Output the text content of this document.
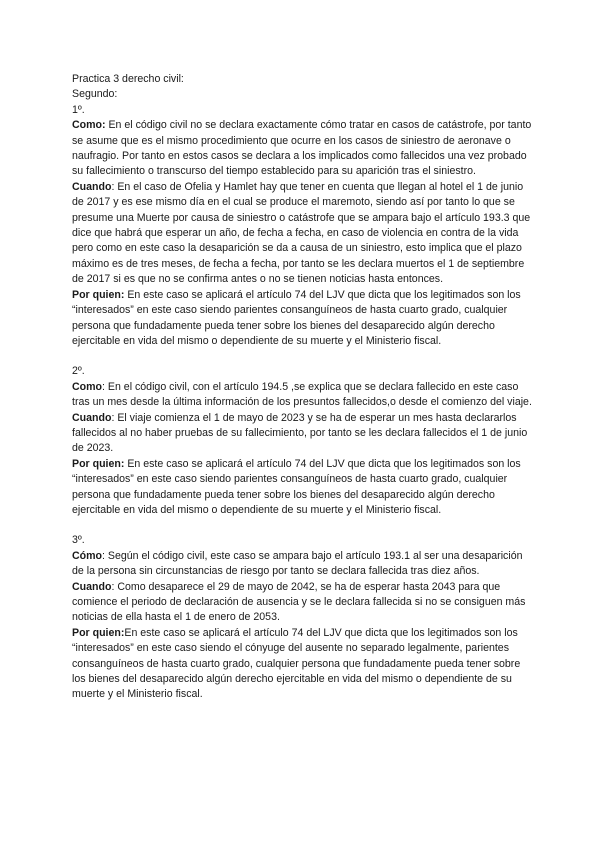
Practica 3 derecho civil:
Segundo:
1º.

Como: En el código civil no se declara exactamente cómo tratar en casos de catástrofe, por tanto se asume que es el mismo procedimiento que ocurre en los casos de siniestro de aeronave o naufragio. Por tanto en estos casos se declara a los implicados como fallecidos una vez probado su fallecimiento o transcurso del tiempo establecido para su aparición tras el siniestro.

Cuando: En el caso de Ofelia y Hamlet hay que tener en cuenta que llegan al hotel el 1 de junio de 2017 y es ese mismo día en el cual se produce el maremoto, siendo así por tanto lo que se presume una Muerte por causa de siniestro o catástrofe que se ampara bajo el artículo 193.3 que dice que habrá que esperar un año, de fecha a fecha, en caso de violencia en contra de la vida pero como en este caso la desaparición se da a causa de un siniestro, esto implica que el plazo máximo es de tres meses, de fecha a fecha, por tanto se les declara muertos el 1 de septiembre de 2017 si es que no se confirma antes o no se tienen noticias hasta entonces.

Por quien: En este caso se aplicará el artículo 74 del LJV que dicta que los legitimados son los “interesados” en este caso siendo parientes consanguíneos de hasta cuarto grado, cualquier persona que fundadamente pueda tener sobre los bienes del desaparecido algún derecho ejercitable en vida del mismo o dependiente de su muerte y el Ministerio fiscal.

2º.

Como: En el código civil, con el artículo 194.5 ,se explica que se declara fallecido en este caso tras un mes desde la última información de los presuntos fallecidos,o desde el comienzo del viaje.

Cuando: El viaje comienza el 1 de mayo de 2023 y se ha de esperar un mes hasta declararlos fallecidos al no haber pruebas de su fallecimiento, por tanto se les declara fallecidos el 1 de junio de 2023.

Por quien: En este caso se aplicará el artículo 74 del LJV que dicta que los legitimados son los “interesados” en este caso siendo parientes consanguíneos de hasta cuarto grado, cualquier persona que fundadamente pueda tener sobre los bienes del desaparecido algún derecho ejercitable en vida del mismo o dependiente de su muerte y el Ministerio fiscal.

3º.

Cómo: Según el código civil, este caso se ampara bajo el artículo 193.1 al ser una desaparición de la persona sin circunstancias de riesgo por tanto se declara fallecida tras diez años.

Cuando: Como desaparece el 29 de mayo de 2042, se ha de esperar hasta 2043 para que comience el periodo de declaración de ausencia y se le declara fallecida si no se consiguen más noticias de ella hasta el 1 de enero de 2053.

Por quien:En este caso se aplicará el artículo 74 del LJV que dicta que los legitimados son los “interesados” en este caso siendo el cónyuge del ausente no separado legalmente, parientes consanguíneos de hasta cuarto grado, cualquier persona que fundadamente pueda tener sobre los bienes del desaparecido algún derecho ejercitable en vida del mismo o dependiente de su muerte y el Ministerio fiscal.
